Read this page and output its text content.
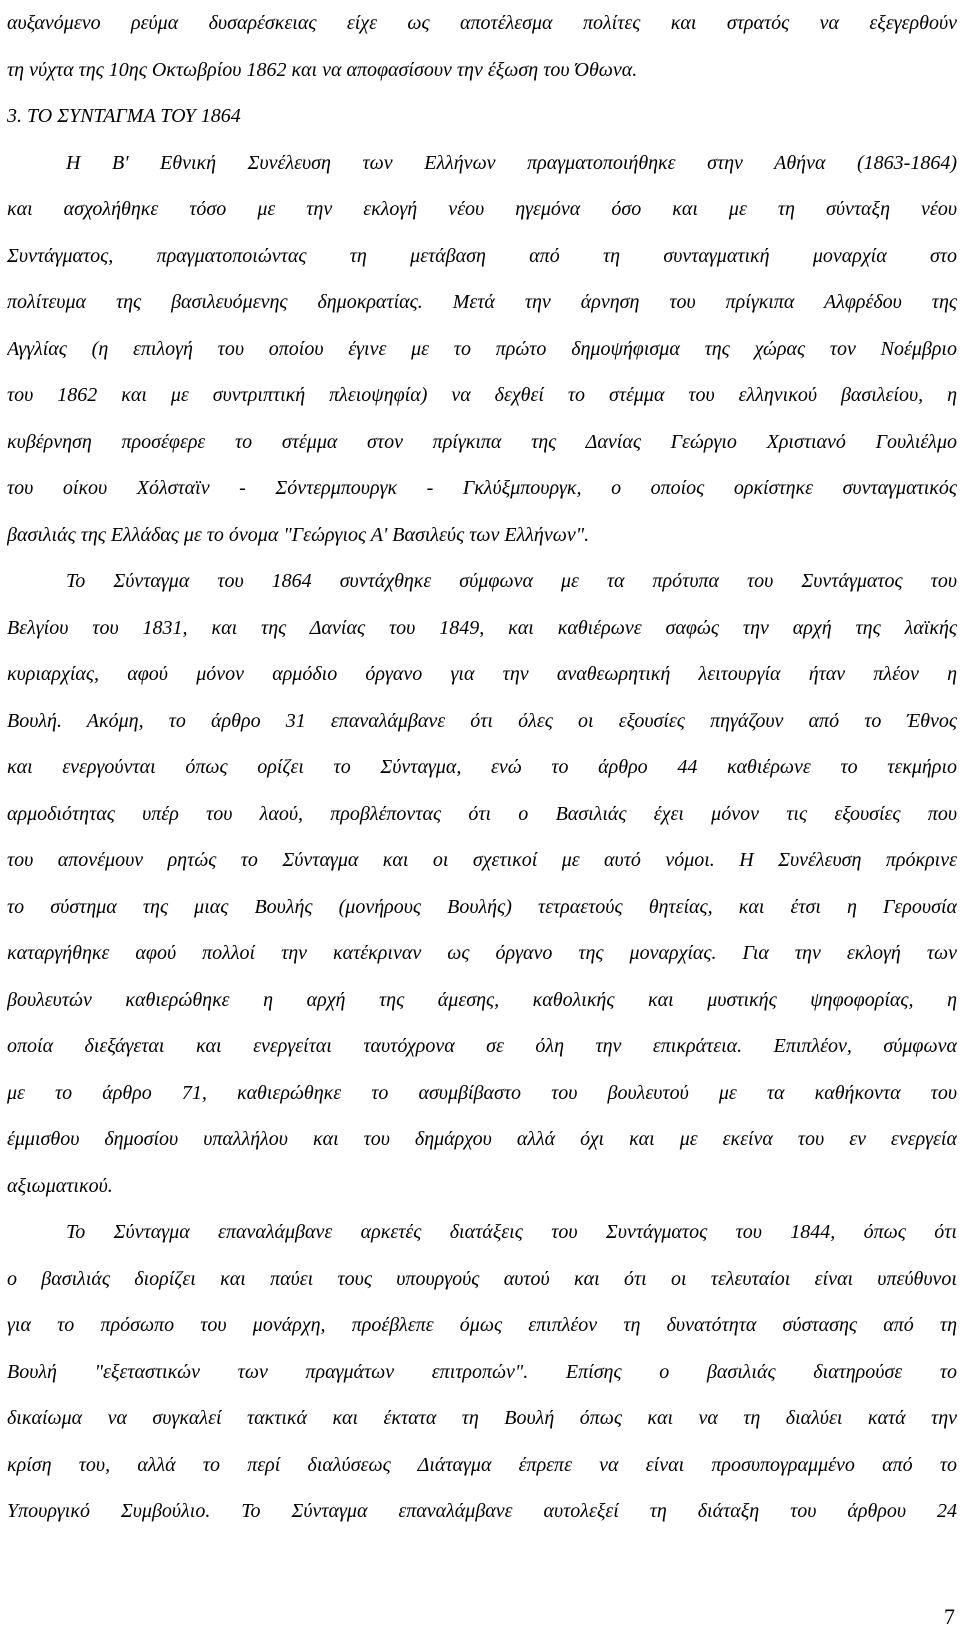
αυξανόμενο ρεύμα δυσαρέσκειας είχε ως αποτέλεσμα πολίτες και στρατός να εξεγερθούν
τη νύχτα της 10ης Οκτωβρίου 1862 και να αποφασίσουν την έξωση του Όθωνα.
3. ΤΟ ΣΥΝΤΑΓΜΑ ΤΟΥ 1864
Η Β' Εθνική Συνέλευση των Ελλήνων πραγματοποιήθηκε στην Αθήνα (1863-1864)
και ασχολήθηκε τόσο με την εκλογή νέου ηγεμόνα όσο και με τη σύνταξη νέου
Συντάγματος, πραγματοποιώντας τη μετάβαση από τη συνταγματική μοναρχία στο
πολίτευμα της βασιλευόμενης δημοκρατίας. Μετά την άρνηση του πρίγκιπα Αλφρέδου της
Αγγλίας (η επιλογή του οποίου έγινε με το πρώτο δημοψήφισμα της χώρας τον Νοέμβριο
του 1862 και με συντριπτική πλειοψηφία) να δεχθεί το στέμμα του ελληνικού βασιλείου, η
κυβέρνηση προσέφερε το στέμμα στον πρίγκιπα της Δανίας Γεώργιο Χριστιανό Γουλιέλμο
του οίκου Χόλσταϊν - Σόντερμπουργκ - Γκλύξμπουργκ, ο οποίος ορκίστηκε συνταγματικός
βασιλιάς της Ελλάδας με το όνομα "Γεώργιος Α' Βασιλεύς των Ελλήνων".
Το Σύνταγμα του 1864 συντάχθηκε σύμφωνα με τα πρότυπα του Συντάγματος του
Βελγίου του 1831, και της Δανίας του 1849, και καθιέρωνε σαφώς την αρχή της λαϊκής
κυριαρχίας, αφού μόνον αρμόδιο όργανο για την αναθεωρητική λειτουργία ήταν πλέον η
Βουλή. Ακόμη, το άρθρο 31 επαναλάμβανε ότι όλες οι εξουσίες πηγάζουν από το Έθνος
και ενεργούνται όπως ορίζει το Σύνταγμα, ενώ το άρθρο 44 καθιέρωνε το τεκμήριο
αρμοδιότητας υπέρ του λαού, προβλέποντας ότι ο Βασιλιάς έχει μόνον τις εξουσίες που
του απονέμουν ρητώς το Σύνταγμα και οι σχετικοί με αυτό νόμοι. Η Συνέλευση πρόκρινε
το σύστημα της μιας Βουλής (μονήρους Βουλής) τετραετούς θητείας, και έτσι η Γερουσία
καταργήθηκε αφού πολλοί την κατέκριναν ως όργανο της μοναρχίας. Για την εκλογή των
βουλευτών καθιερώθηκε η αρχή της άμεσης, καθολικής και μυστικής ψηφοφορίας, η
οποία διεξάγεται και ενεργείται ταυτόχρονα σε όλη την επικράτεια. Επιπλέον, σύμφωνα
με το άρθρο 71, καθιερώθηκε το ασυμβίβαστο του βουλευτού με τα καθήκοντα του
έμμισθου δημοσίου υπαλλήλου και του δημάρχου αλλά όχι και με εκείνα του εν ενεργεία
αξιωματικού.
Το Σύνταγμα επαναλάμβανε αρκετές διατάξεις του Συντάγματος του 1844, όπως ότι
ο βασιλιάς διορίζει και παύει τους υπουργούς αυτού και ότι οι τελευταίοι είναι υπεύθυνοι
για το πρόσωπο του μονάρχη, προέβλεπε όμως επιπλέον τη δυνατότητα σύστασης από τη
Βουλή "εξεταστικών των πραγμάτων επιτροπών". Επίσης ο βασιλιάς διατηρούσε το
δικαίωμα να συγκαλεί τακτικά και έκτατα τη Βουλή όπως και να τη διαλύει κατά την
κρίση του, αλλά το περί διαλύσεως Διάταγμα έπρεπε να είναι προσυπογραμμένο από το
Υπουργικό Συμβούλιο. Το Σύνταγμα επαναλάμβανε αυτολεξεί τη διάταξη του άρθρου 24
7
